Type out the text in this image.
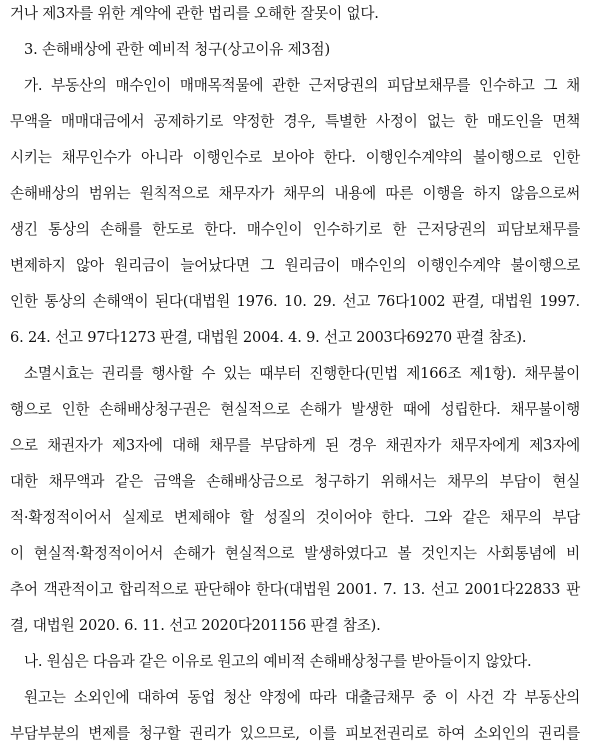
거나 제3자를 위한 계약에 관한 법리를 오해한 잘못이 없다.
3. 손해배상에 관한 예비적 청구(상고이유 제3점)
가. 부동산의 매수인이 매매목적물에 관한 근저당권의 피담보채무를 인수하고 그 채
무액을 매매대금에서 공제하기로 약정한 경우, 특별한 사정이 없는 한 매도인을 면책
시키는 채무인수가 아니라 이행인수로 보아야 한다. 이행인수계약의 불이행으로 인한
손해배상의 범위는 원칙적으로 채무자가 채무의 내용에 따른 이행을 하지 않음으로써
생긴 통상의 손해를 한도로 한다. 매수인이 인수하기로 한 근저당권의 피담보채무를
변제하지 않아 원리금이 늘어났다면 그 원리금이 매수인의 이행인수계약 불이행으로
인한 통상의 손해액이 된다(대법원 1976. 10. 29. 선고 76다1002 판결, 대법원 1997.
6. 24. 선고 97다1273 판결, 대법원 2004. 4. 9. 선고 2003다69270 판결 참조).
소멸시효는 권리를 행사할 수 있는 때부터 진행한다(민법 제166조 제1항). 채무불이
행으로 인한 손해배상청구권은 현실적으로 손해가 발생한 때에 성립한다. 채무불이행
으로 채권자가 제3자에 대해 채무를 부담하게 된 경우 채권자가 채무자에게 제3자에
대한 채무액과 같은 금액을 손해배상금으로 청구하기 위해서는 채무의 부담이 현실
적·확정적이어서 실제로 변제해야 할 성질의 것이어야 한다. 그와 같은 채무의 부담
이 현실적·확정적이어서 손해가 현실적으로 발생하였다고 볼 것인지는 사회통념에 비
추어 객관적이고 합리적으로 판단해야 한다(대법원 2001. 7. 13. 선고 2001다22833 판
결, 대법원 2020. 6. 11. 선고 2020다201156 판결 참조).
나. 원심은 다음과 같은 이유로 원고의 예비적 손해배상청구를 받아들이지 않았다.
원고는 소외인에 대하여 동업 청산 약정에 따라 대출금채무 중 이 사건 각 부동산의
부담부분의 변제를 청구할 권리가 있으므로, 이를 피보전권리로 하여 소외인의 권리를
